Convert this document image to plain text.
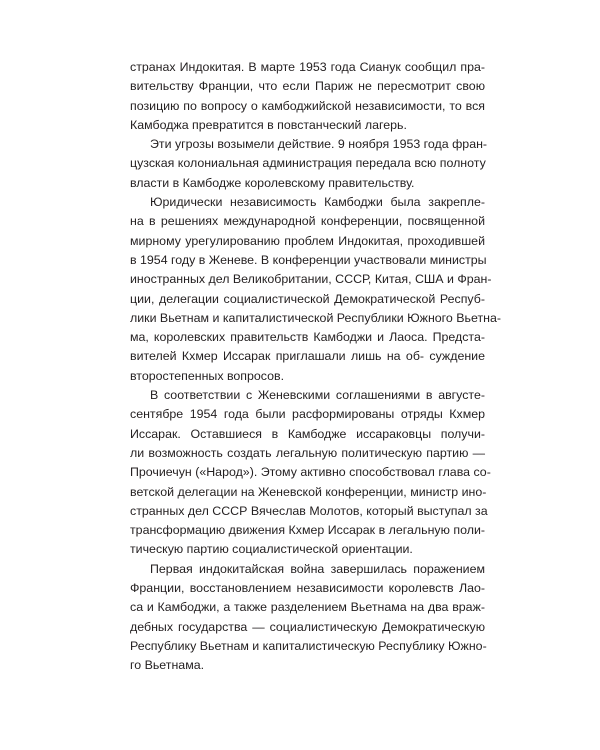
странах Индокитая. В марте 1953 года Сианук сообщил пра-
вительству Франции, что если Париж не пересмотрит свою
позицию по вопросу о камбоджийской независимости, то вся
Камбоджа превратится в повстанческий лагерь.
Эти угрозы возымели действие. 9 ноября 1953 года фран-
цузская колониальная администрация передала всю полноту
власти в Камбодже королевскому правительству.
Юридически независимость Камбоджи была закрепле-
на в решениях международной конференции, посвященной
мирному урегулированию проблем Индокитая, проходившей
в 1954 году в Женеве. В конференции участвовали министры
иностранных дел Великобритании, СССР, Китая, США и Фран-
ции, делегации социалистической Демократической Респуб-
лики Вьетнам и капиталистической Республики Южного Вьетна-
ма, королевских правительств Камбоджи и Лаоса. Предста-
вителей Кхмер Иссарак приглашали лишь на об- суждение
второстепенных вопросов.
В соответствии с Женевскими соглашениями в августе-
сентябре 1954 года были расформированы отряды Кхмер
Иссарак. Оставшиеся в Камбодже иссараковцы получи-
ли возможность создать легальную политическую партию —
Прочиечун («Народ»). Этому активно способствовал глава со-
ветской делегации на Женевской конференции, министр ино-
странных дел СССР Вячеслав Молотов, который выступал за
трансформацию движения Кхмер Иссарак в легальную поли-
тическую партию социалистической ориентации.
Первая индокитайская война завершилась поражением
Франции, восстановлением независимости королевств Лао-
са и Камбоджи, а также разделением Вьетнама на два враж-
дебных государства — социалистическую Демократическую
Республику Вьетнам и капиталистическую Республику Южно-
го Вьетнама.
